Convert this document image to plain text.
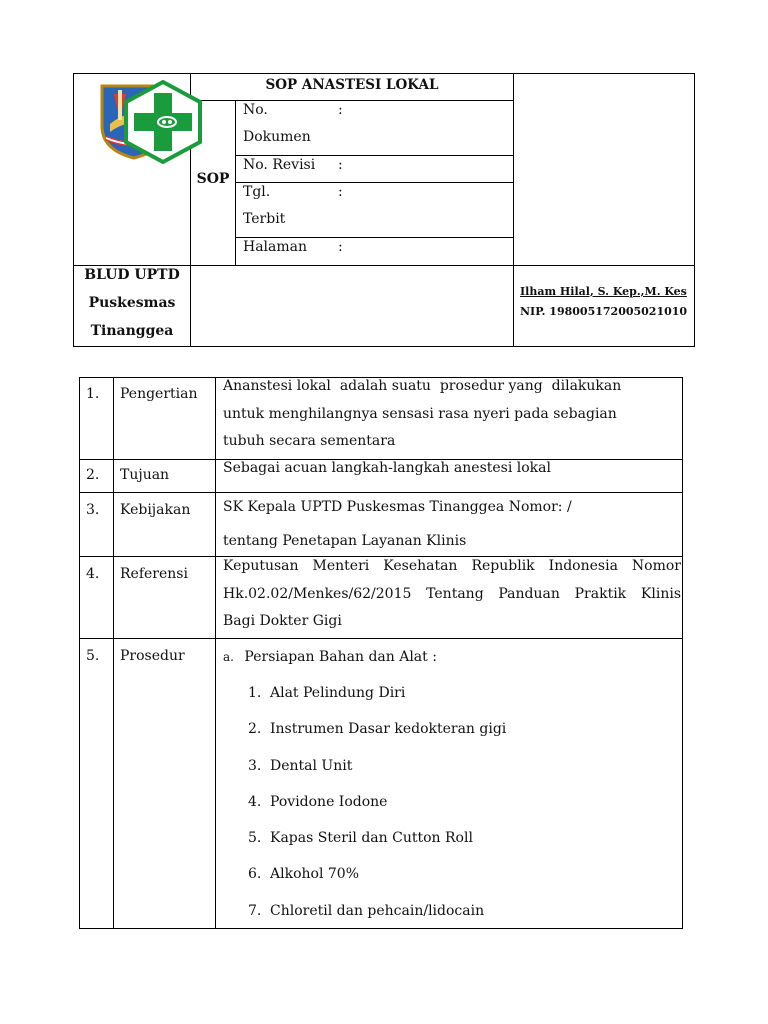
SOP ANASTESI LOKAL
SOP
No.	:
Dokumen
No. Revisi :
Tgl.	:
Terbit
Halaman :
BLUD UPTD
Puskesmas
Tinanggea
Ilham Hilal, S. Kep.,M. Kes
NIP. 198005172005021010
1. Pengertian Ananstesi lokal  adalah suatu  prosedur yang  dilakukan
untuk menghilangnya sensasi rasa nyeri pada sebagian
tubuh secara sementara
2. Tujuan	Sebagai acuan langkah-langkah anestesi lokal
3. Kebijakan SK Kepala UPTD Puskesmas Tinanggea Nomor: /
tentang Penetapan Layanan Klinis
4. Referensi	Keputusan Menteri Kesehatan Republik Indonesia Nomor
Hk.02.02/Menkes/62/2015 Tentang Panduan Praktik Klinis
Bagi Dokter Gigi
5. Prosedur	a. Persiapan Bahan dan Alat :
1. Alat Pelindung Diri
2. Instrumen Dasar kedokteran gigi
3. Dental Unit
4. Povidone Iodone
5. Kapas Steril dan Cutton Roll
6. Alkohol 70%
7. Chloretil dan pehcain/lidocain
